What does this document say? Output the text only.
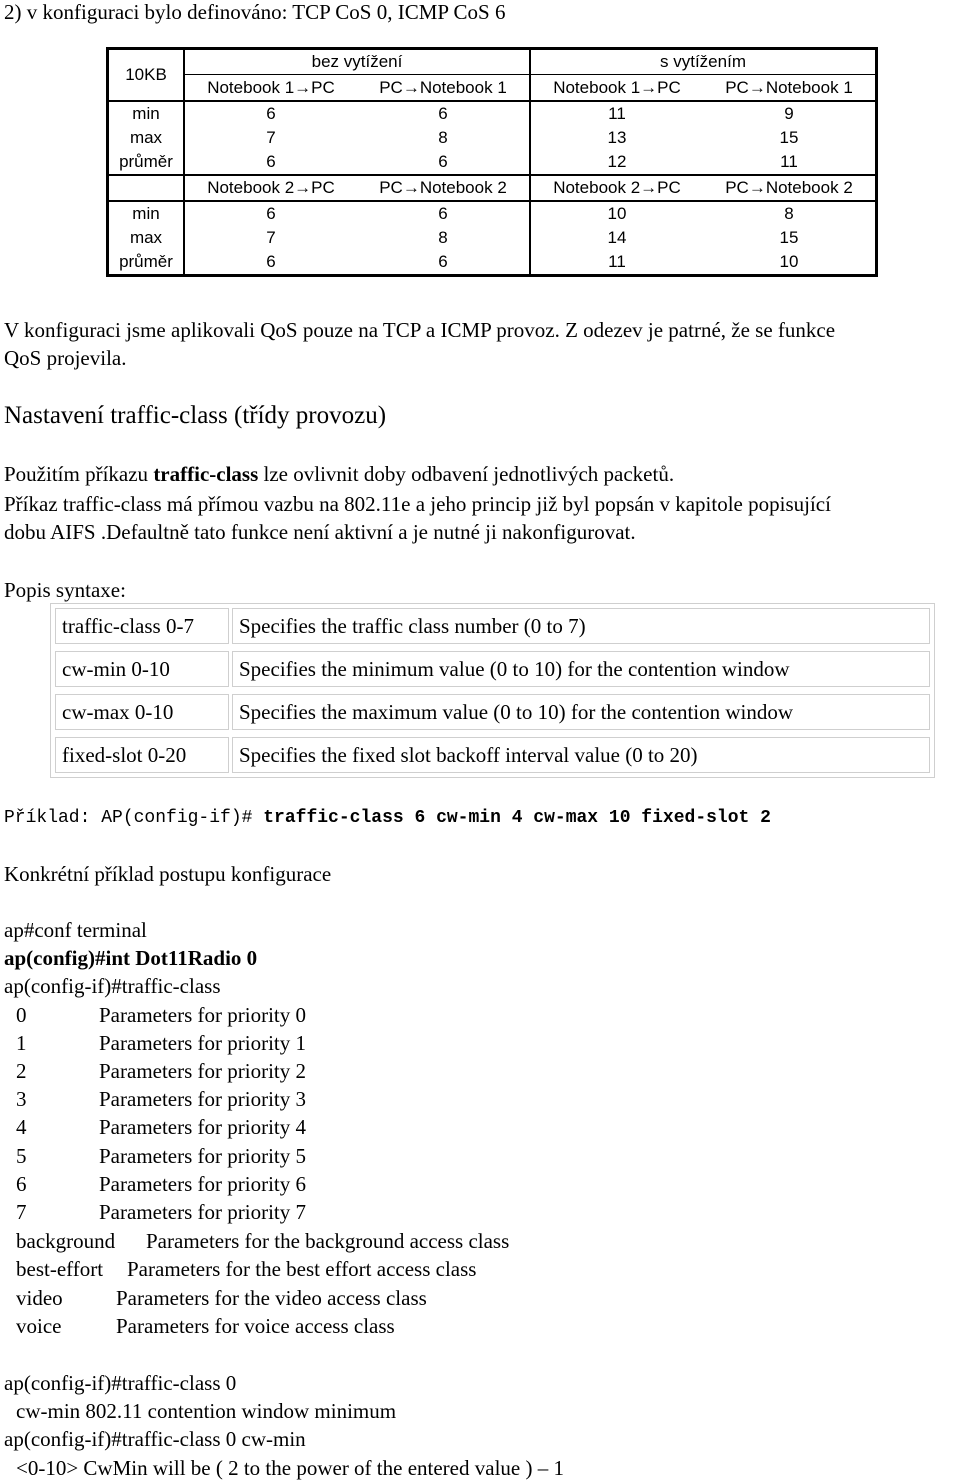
2) v konfiguraci bylo definováno: TCP CoS 0, ICMP CoS 6
10KB	bez vytížení		s vytížením	
	Notebook 1→PC	PC→Notebook 1	Notebook 1→PC	PC→Notebook 1
min	6	6	11	9
max	7	8	13	15
průměr	6	6	12	11
	Notebook 2→PC	PC→Notebook 2	Notebook 2→PC	PC→Notebook 2
min	6	6	10	8
max	7	8	14	15
průměr	6	6	11	10
V konfiguraci jsme aplikovali QoS pouze na TCP a ICMP provoz. Z odezev je patrné, že se funkce
QoS projevila.
Nastavení traffic-class (třídy provozu)
Použitím příkazu traffic-class lze ovlivnit doby odbavení jednotlivých packetů.
Příkaz traffic-class má přímou vazbu na 802.11e a jeho princip již byl popsán v kapitole popisující
dobu AIFS .Defaultně tato funkce není aktivní a je nutné ji nakonfigurovat.
Popis syntaxe:
traffic-class 0-7	Specifies the traffic class number (0 to 7)
cw-min 0-10	Specifies the minimum value (0 to 10) for the contention window
cw-max 0-10	Specifies the maximum value (0 to 10) for the contention window
fixed-slot 0-20	Specifies the fixed slot backoff interval value (0 to 20)
Příklad: AP(config-if)# traffic-class 6 cw-min 4 cw-max 10 fixed-slot 2
Konkrétní příklad postupu konfigurace
ap#conf terminal
ap(config)#int Dot11Radio 0
ap(config-if)#traffic-class
0	Parameters for priority 0
1	Parameters for priority 1
2	Parameters for priority 2
3	Parameters for priority 3
4	Parameters for priority 4
5	Parameters for priority 5
6	Parameters for priority 6
7	Parameters for priority 7
background Parameters for the background access class
best-effort Parameters for the best effort access class
video	Parameters for the video access class
voice	Parameters for voice access class
ap(config-if)#traffic-class 0
cw-min 802.11 contention window minimum
ap(config-if)#traffic-class 0 cw-min
<0-10> CwMin will be ( 2 to the power of the entered value ) – 1
